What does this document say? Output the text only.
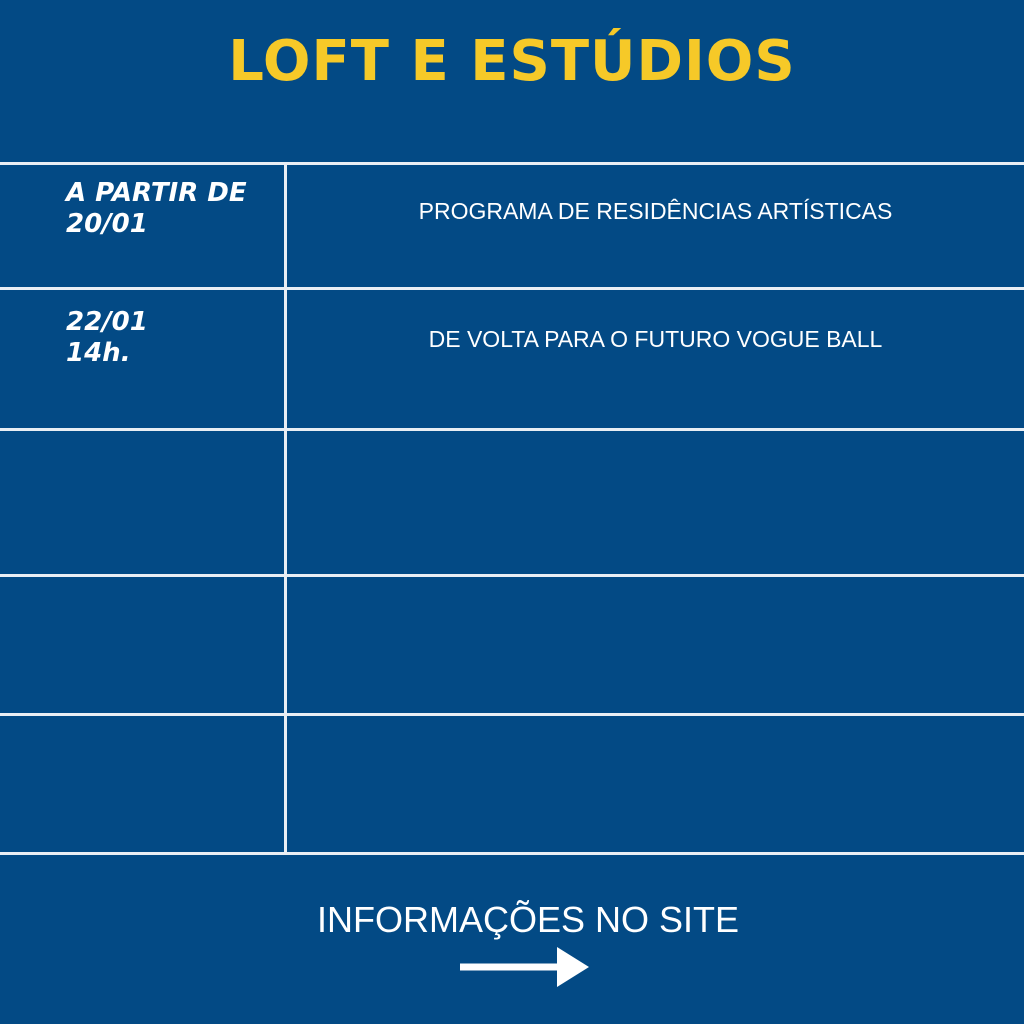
LOFT E ESTÚDIOS
A PARTIR DE
20/01	PROGRAMA DE RESIDÊNCIAS ARTÍSTICAS
22/01
14h.	DE VOLTA PARA O FUTURO VOGUE BALL
INFORMAÇÕES NO SITE
